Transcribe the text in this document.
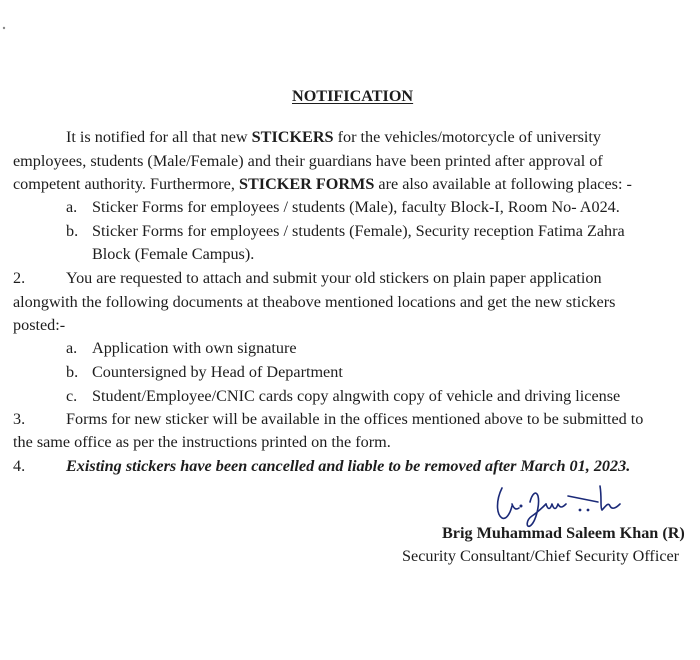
NOTIFICATION
It is notified for all that new STICKERS for the vehicles/motorcycle of university
employees, students (Male/Female) and their guardians have been printed after approval of
competent authority. Furthermore, STICKER FORMS are also available at following places: -
a. Sticker Forms for employees / students (Male), faculty Block-I, Room No- A024.
b. Sticker Forms for employees / students (Female), Security reception Fatima Zahra
Block (Female Campus).
2.	You are requested to attach and submit your old stickers on plain paper application
alongwith the following documents at theabove mentioned locations and get the new stickers
posted:-
a. Application with own signature
b. Countersigned by Head of Department
c. Student/Employee/CNIC cards copy alngwith copy of vehicle and driving license
3.	Forms for new sticker will be available in the offices mentioned above to be submitted to
the same office as per the instructions printed on the form.
4.	Existing stickers have been cancelled and liable to be removed after March 01, 2023.
Brig Muhammad Saleem Khan (R)
Security Consultant/Chief Security Officer
